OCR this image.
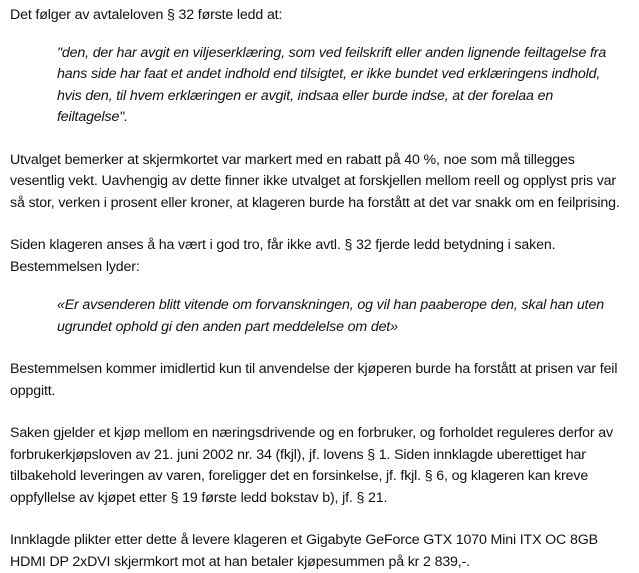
Det følger av avtaleloven § 32 første ledd at:

"den, der har avgit en viljeserklæring, som ved feilskrift eller anden lignende feiltagelse fra hans side har faat et andet indhold end tilsigtet, er ikke bundet ved erklæringens indhold, hvis den, til hvem erklæringen er avgit, indsaa eller burde indse, at der forelaa en feiltagelse".

Utvalget bemerker at skjermkortet var markert med en rabatt på 40 %, noe som må tillegges vesentlig vekt. Uavhengig av dette finner ikke utvalget at forskjellen mellom reell og opplyst pris var så stor, verken i prosent eller kroner, at klageren burde ha forstått at det var snakk om en feilprising.

Siden klageren anses å ha vært i god tro, får ikke avtl. § 32 fjerde ledd betydning i saken. Bestemmelsen lyder:

«Er avsenderen blitt vitende om forvanskningen, og vil han paaberope den, skal han uten ugrundet ophold gi den anden part meddelelse om det»

Bestemmelsen kommer imidlertid kun til anvendelse der kjøperen burde ha forstått at prisen var feil oppgitt.

Saken gjelder et kjøp mellom en næringsdrivende og en forbruker, og forholdet reguleres derfor av forbrukerkjøpsloven av 21. juni 2002 nr. 34 (fkjl), jf. lovens § 1. Siden innklagde uberettiget har tilbakehold leveringen av varen, foreligger det en forsinkelse, jf. fkjl. § 6, og klageren kan kreve oppfyllelse av kjøpet etter § 19 første ledd bokstav b), jf. § 21.

Innklagde plikter etter dette å levere klageren et Gigabyte GeForce GTX 1070 Mini ITX OC 8GB HDMI DP 2xDVI skjermkort mot at han betaler kjøpesummen på kr 2 839,-.
